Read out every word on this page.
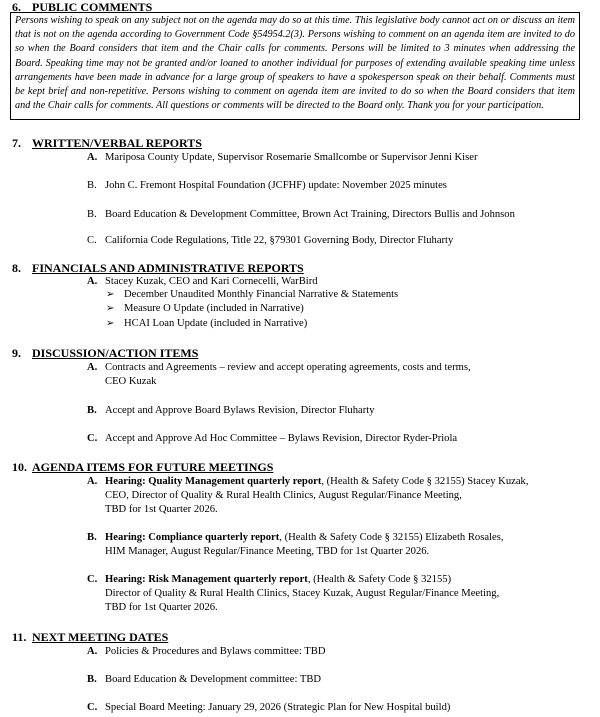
6. PUBLIC COMMENTS
Persons wishing to speak on any subject not on the agenda may do so at this time. This legislative body cannot act on or discuss an item that is not on the agenda according to Government Code §54954.2(3). Persons wishing to comment on an agenda item are invited to do so when the Board considers that item and the Chair calls for comments. Persons will be limited to 3 minutes when addressing the Board. Speaking time may not be granted and/or loaned to another individual for purposes of extending available speaking time unless arrangements have been made in advance for a large group of speakers to have a spokesperson speak on their behalf. Comments must be kept brief and non-repetitive. Persons wishing to comment on agenda item are invited to do so when the Board considers that item and the Chair calls for comments. All questions or comments will be directed to the Board only. Thank you for your participation.
7. WRITTEN/VERBAL REPORTS
A. Mariposa County Update, Supervisor Rosemarie Smallcombe or Supervisor Jenni Kiser
B. John C. Fremont Hospital Foundation (JCFHF) update: November 2025 minutes
B. Board Education & Development Committee, Brown Act Training, Directors Bullis and Johnson
C. California Code Regulations, Title 22, §79301 Governing Body, Director Fluharty
8. FINANCIALS AND ADMINISTRATIVE REPORTS
A. Stacey Kuzak, CEO and Kari Cornecelli, WarBird
➢ December Unaudited Monthly Financial Narrative & Statements
➢ Measure O Update (included in Narrative)
➢ HCAI Loan Update (included in Narrative)
9. DISCUSSION/ACTION ITEMS
A. Contracts and Agreements – review and accept operating agreements, costs and terms,
CEO Kuzak
B. Accept and Approve Board Bylaws Revision, Director Fluharty
C. Accept and Approve Ad Hoc Committee – Bylaws Revision, Director Ryder-Priola
10. AGENDA ITEMS FOR FUTURE MEETINGS
A. Hearing: Quality Management quarterly report, (Health & Safety Code § 32155) Stacey Kuzak,
CEO, Director of Quality & Rural Health Clinics, August Regular/Finance Meeting,
TBD for 1st Quarter 2026.
B. Hearing: Compliance quarterly report, (Health & Safety Code § 32155) Elizabeth Rosales,
HIM Manager, August Regular/Finance Meeting, TBD for 1st Quarter 2026.
C. Hearing: Risk Management quarterly report, (Health & Safety Code § 32155)
Director of Quality & Rural Health Clinics, Stacey Kuzak, August Regular/Finance Meeting,
TBD for 1st Quarter 2026.
11. NEXT MEETING DATES
A. Policies & Procedures and Bylaws committee: TBD
B. Board Education & Development committee: TBD
C. Special Board Meeting: January 29, 2026 (Strategic Plan for New Hospital build)
